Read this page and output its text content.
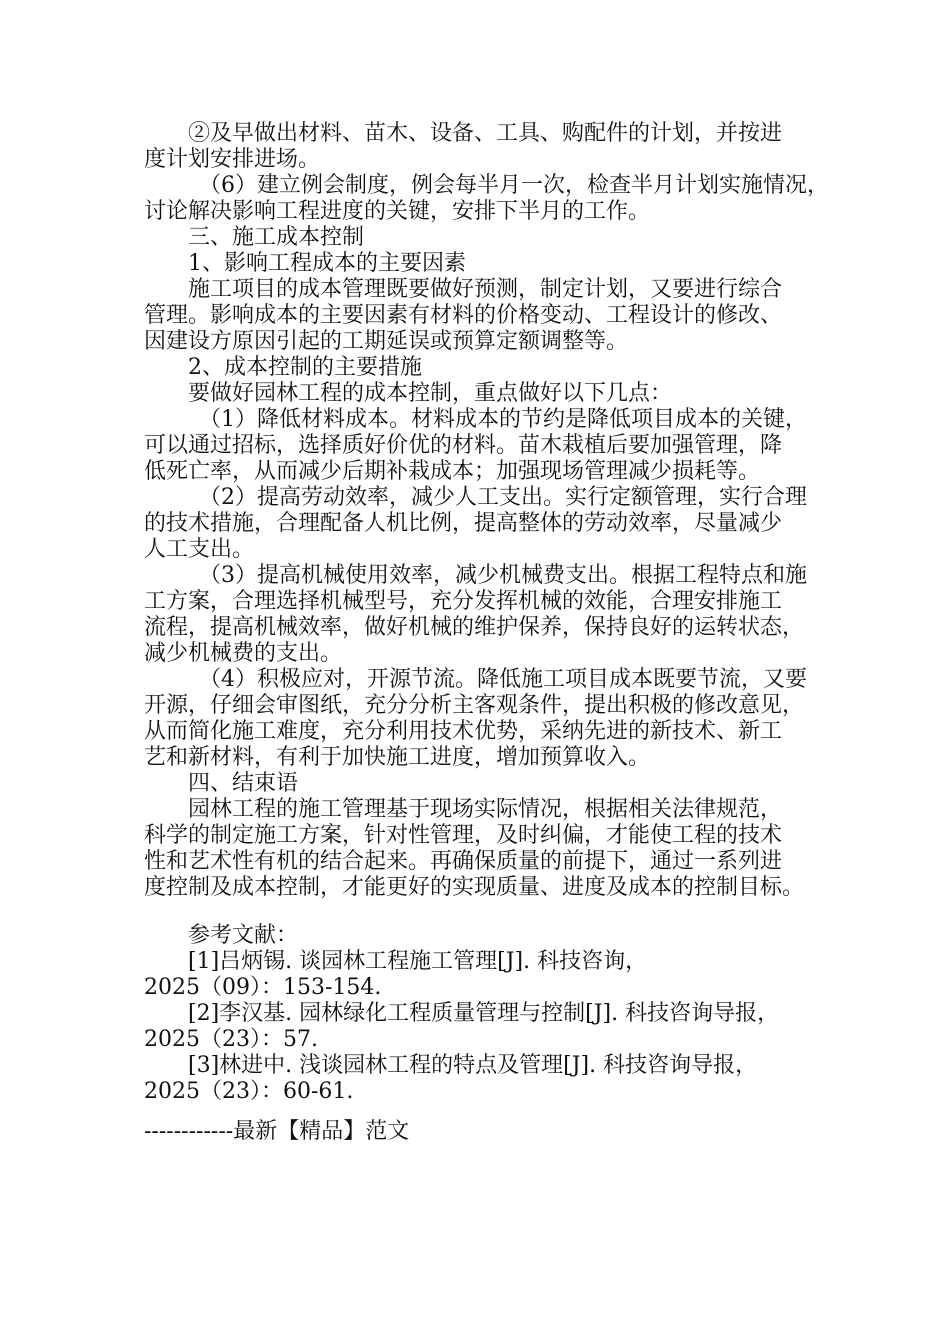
②及早做出材料、苗木、设备、工具、购配件的计划，并按进
度计划安排进场。
（6）建立例会制度，例会每半月一次，检查半月计划实施情况，
讨论解决影响工程进度的关键，安排下半月的工作。
三、施工成本控制
1、影响工程成本的主要因素
施工项目的成本管理既要做好预测，制定计划，又要进行综合
管理。影响成本的主要因素有材料的价格变动、工程设计的修改、
因建设方原因引起的工期延误或预算定额调整等。
2、成本控制的主要措施
要做好园林工程的成本控制，重点做好以下几点：
（1）降低材料成本。材料成本的节约是降低项目成本的关键，
可以通过招标，选择质好价优的材料。苗木栽植后要加强管理，降
低死亡率，从而减少后期补栽成本；加强现场管理减少损耗等。
（2）提高劳动效率，减少人工支出。实行定额管理，实行合理
的技术措施，合理配备人机比例，提高整体的劳动效率，尽量减少
人工支出。
（3）提高机械使用效率，减少机械费支出。根据工程特点和施
工方案，合理选择机械型号，充分发挥机械的效能，合理安排施工
流程，提高机械效率，做好机械的维护保养，保持良好的运转状态，
减少机械费的支出。
（4）积极应对，开源节流。降低施工项目成本既要节流，又要
开源，仔细会审图纸，充分分析主客观条件，提出积极的修改意见，
从而简化施工难度，充分利用技术优势，采纳先进的新技术、新工
艺和新材料，有利于加快施工进度，增加预算收入。
四、结束语
园林工程的施工管理基于现场实际情况，根据相关法律规范，
科学的制定施工方案，针对性管理，及时纠偏，才能使工程的技术
性和艺术性有机的结合起来。再确保质量的前提下，通过一系列进
度控制及成本控制，才能更好的实现质量、进度及成本的控制目标。
参考文献：
[1]吕炳锡. 谈园林工程施工管理[J]. 科技咨询，
2025（09）：153-154.
[2]李汉基. 园林绿化工程质量管理与控制[J]. 科技咨询导报，
2025（23）：57.
[3]林进中. 浅谈园林工程的特点及管理[J]. 科技咨询导报，
2025（23）：60-61.
------------最新【精品】范文
